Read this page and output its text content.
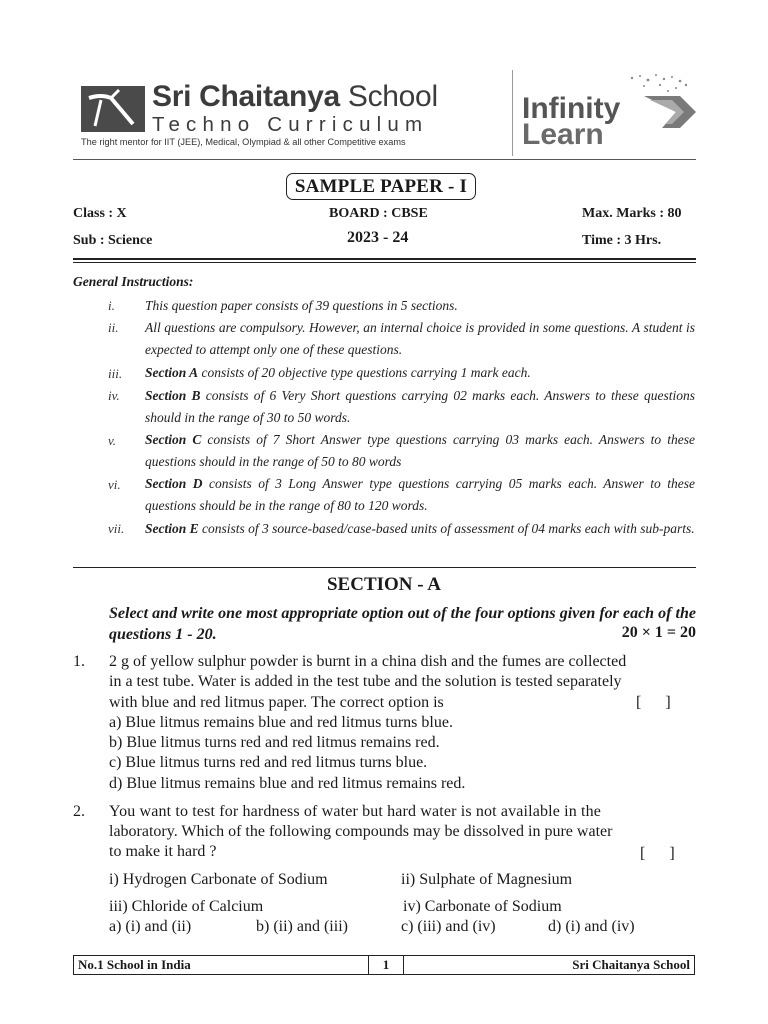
Sri Chaitanya School
Techno Curriculum
The right mentor for IIT (JEE), Medical, Olympiad & all other Competitive exams
Infinity
Learn
SAMPLE PAPER - I
Class : X	BOARD : CBSE	Max. Marks : 80
Sub : Science	2023 - 24	Time : 3 Hrs.
General Instructions:
i. This question paper consists of 39 questions in 5 sections.
ii. All questions are compulsory. However, an internal choice is provided in some questions. A student is expected to attempt only one of these questions.
iii. Section A consists of 20 objective type questions carrying 1 mark each.
iv. Section B consists of 6 Very Short questions carrying 02 marks each. Answers to these questions should in the range of 30 to 50 words.
v. Section C consists of 7 Short Answer type questions carrying 03 marks each. Answers to these questions should in the range of 50 to 80 words
vi. Section D consists of 3 Long Answer type questions carrying 05 marks each. Answer to these questions should be in the range of 80 to 120 words.
vii. Section E consists of 3 source-based/case-based units of assessment of 04 marks each with sub-parts.
SECTION - A
Select and write one most appropriate option out of the four options given for each of the questions 1 - 20.	20 × 1 = 20
1. 2 g of yellow sulphur powder is burnt in a china dish and the fumes are collected
in a test tube. Water is added in the test tube and the solution is tested separately
with blue and red litmus paper. The correct option is	[      ]
a) Blue litmus remains blue and red litmus turns blue.
b) Blue litmus turns red and red litmus remains red.
c) Blue litmus turns red and red litmus turns blue.
d) Blue litmus remains blue and red litmus remains red.
2. You want to test for hardness of water but hard water is not available in the
laboratory. Which of the following compounds may be dissolved in pure water
to make it hard ?	[      ]
i) Hydrogen Carbonate of Sodium	ii) Sulphate of Magnesium
iii) Chloride of Calcium	iv) Carbonate of Sodium
a) (i) and (ii)	b) (ii) and (iii)	c) (iii) and (iv)	d) (i) and (iv)
No.1 School in India	1	Sri Chaitanya School
